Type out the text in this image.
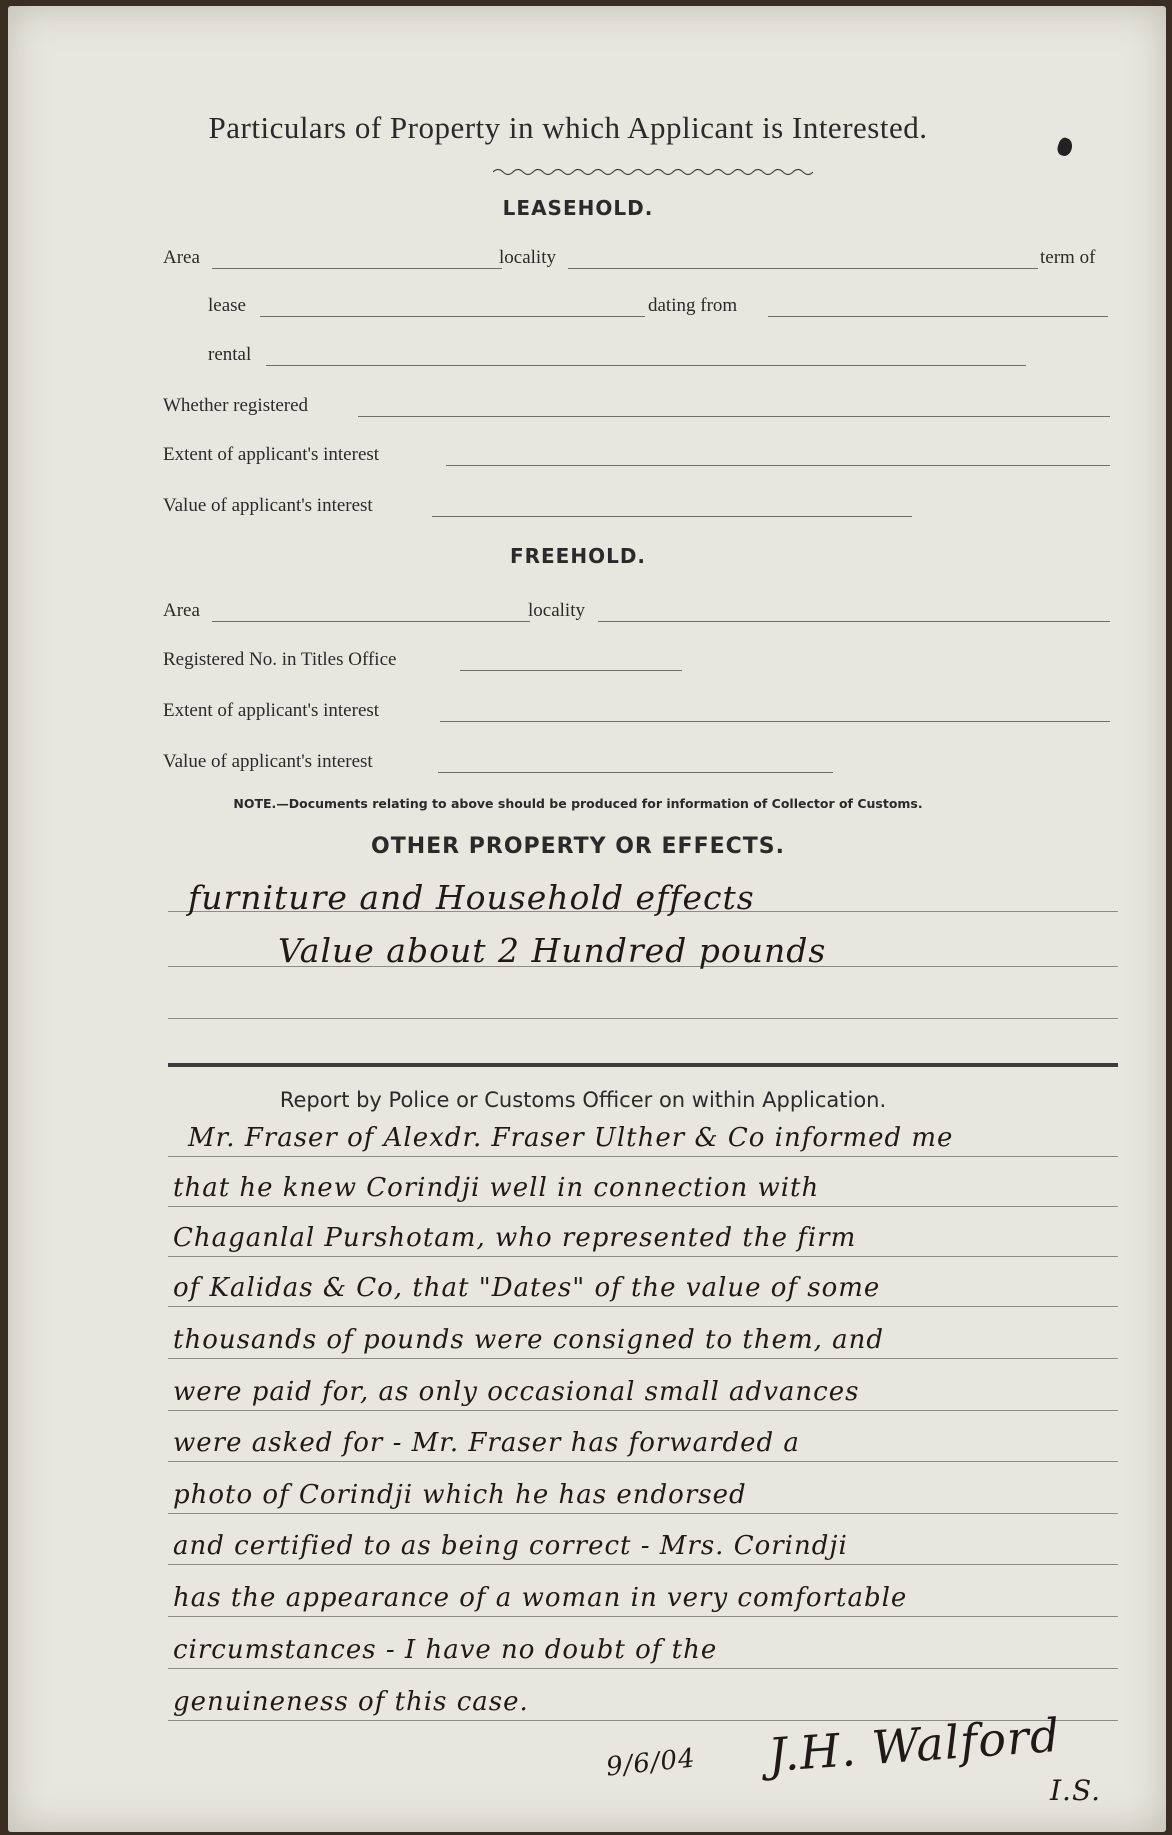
Particulars of Property in which Applicant is Interested.
LEASEHOLD.
Area	locality	term of
lease	dating from
rental
Whether registered
Extent of applicant's interest
Value of applicant's interest
FREEHOLD.
Area	locality
Registered No. in Titles Office
Extent of applicant's interest
Value of applicant's interest
NOTE.—Documents relating to above should be produced for information of Collector of Customs.
OTHER PROPERTY OR EFFECTS.
furniture and Household effects
Value about 2 Hundred pounds
Report by Police or Customs Officer on within Application.
Mr. Fraser of Alexdr. Fraser Ulther & Co informed me
that he knew Corindji well in connection with
Chaganlal Purshotam, who represented the firm
of Kalidas & Co, that "Dates" of the value of some
thousands of pounds were consigned to them, and
were paid for, as only occasional small advances
were asked for - Mr. Fraser has forwarded a
photo of Corindji which he has endorsed
and certified to as being correct - Mrs. Corindji
has the appearance of a woman in very comfortable
circumstances - I have no doubt of the
genuineness of this case.
9/6/04 J.H. Walford
I.S.
